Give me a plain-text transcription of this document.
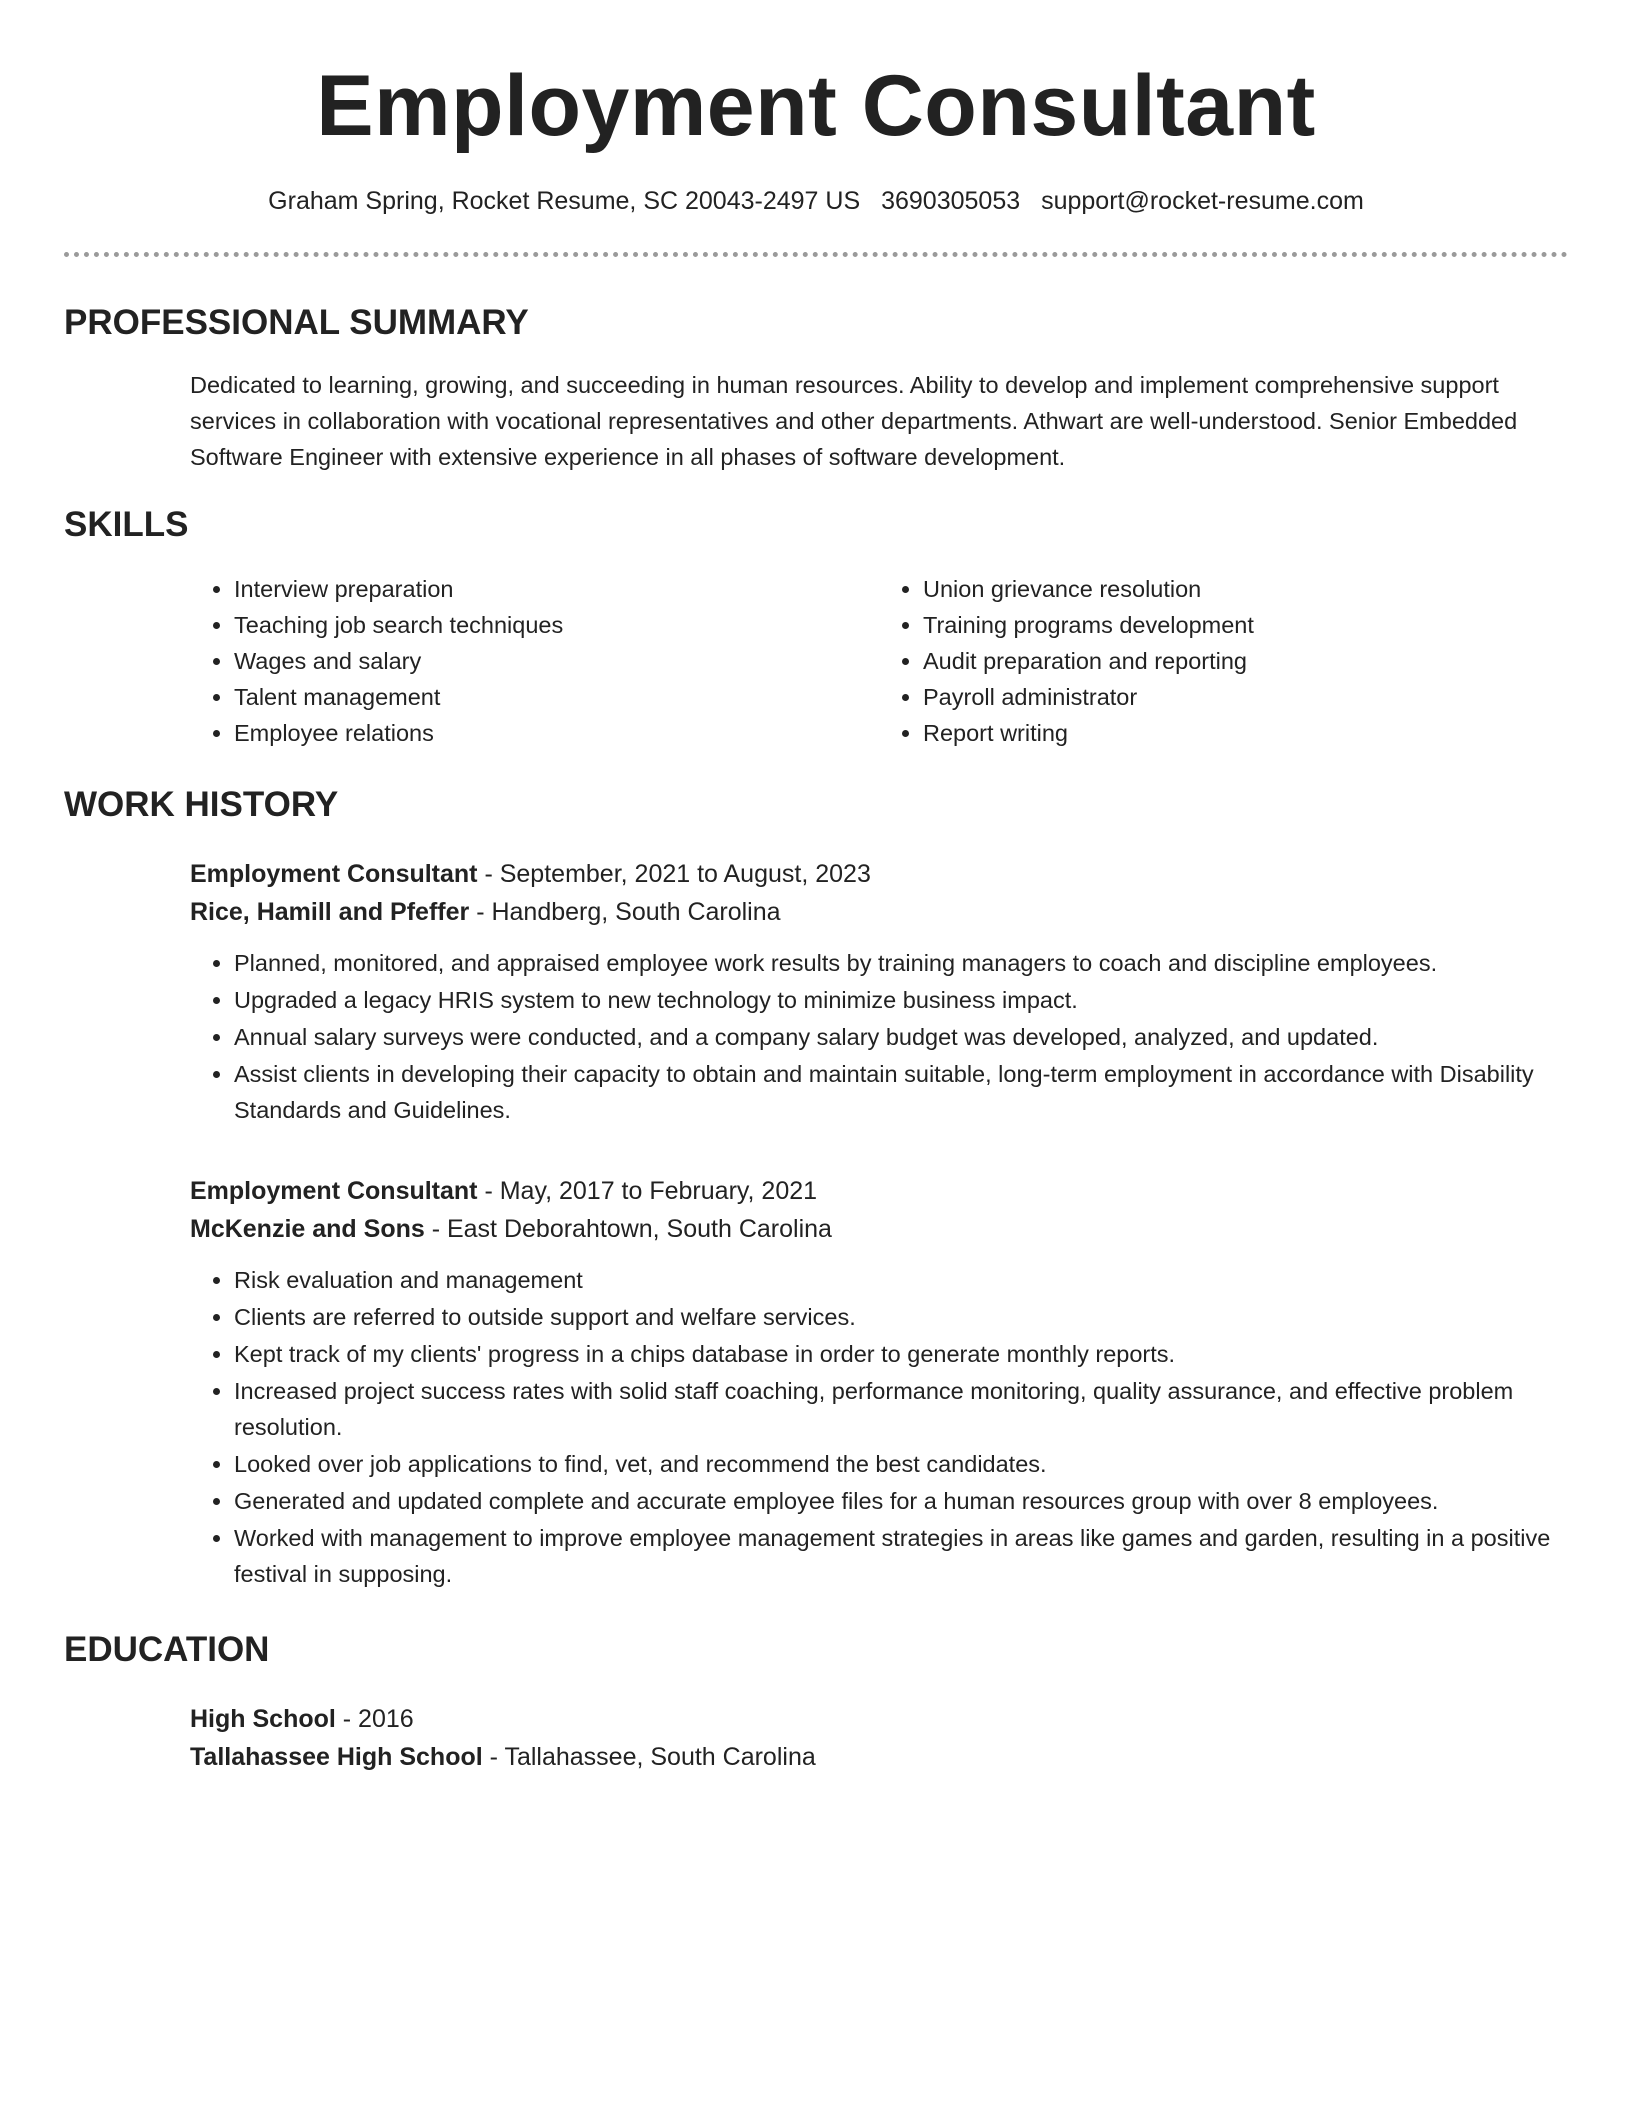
Employment Consultant
Graham Spring, Rocket Resume, SC 20043-2497 US 3690305053 support@rocket-resume.com
PROFESSIONAL SUMMARY
Dedicated to learning, growing, and succeeding in human resources. Ability to develop and implement comprehensive support services in collaboration with vocational representatives and other departments. Athwart are well-understood. Senior Embedded Software Engineer with extensive experience in all phases of software development.
SKILLS
• Interview preparation
• Teaching job search techniques
• Wages and salary
• Talent management
• Employee relations
• Union grievance resolution
• Training programs development
• Audit preparation and reporting
• Payroll administrator
• Report writing
WORK HISTORY
Employment Consultant - September, 2021 to August, 2023
Rice, Hamill and Pfeffer - Handberg, South Carolina
• Planned, monitored, and appraised employee work results by training managers to coach and discipline employees.
• Upgraded a legacy HRIS system to new technology to minimize business impact.
• Annual salary surveys were conducted, and a company salary budget was developed, analyzed, and updated.
• Assist clients in developing their capacity to obtain and maintain suitable, long-term employment in accordance with Disability Standards and Guidelines.
Employment Consultant - May, 2017 to February, 2021
McKenzie and Sons - East Deborahtown, South Carolina
• Risk evaluation and management
• Clients are referred to outside support and welfare services.
• Kept track of my clients' progress in a chips database in order to generate monthly reports.
• Increased project success rates with solid staff coaching, performance monitoring, quality assurance, and effective problem resolution.
• Looked over job applications to find, vet, and recommend the best candidates.
• Generated and updated complete and accurate employee files for a human resources group with over 8 employees.
• Worked with management to improve employee management strategies in areas like games and garden, resulting in a positive festival in supposing.
EDUCATION
High School - 2016
Tallahassee High School - Tallahassee, South Carolina
